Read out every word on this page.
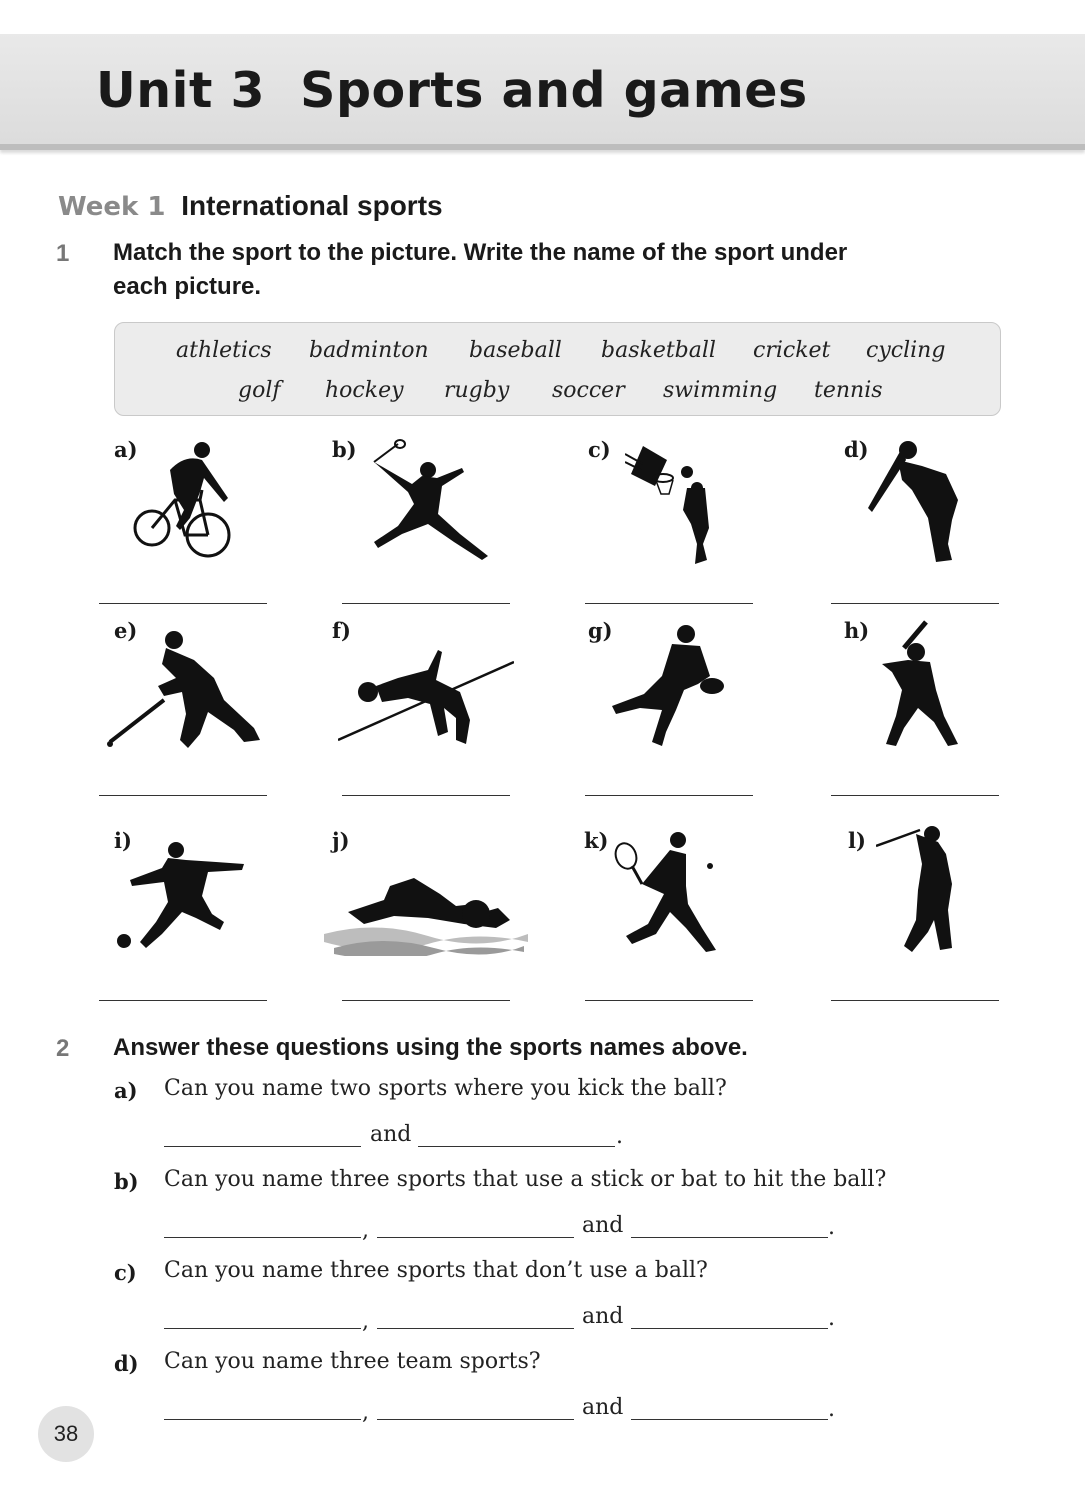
Unit 3  Sports and games
Week 1 International sports
1 Match the sport to the picture. Write the name of the sport under
each picture.
athletics badminton baseball basketball cricket cycling
golf hockey rugby soccer swimming tennis
a)	b)	c)	d)
e)	f)	g)	h)
i)	j)	k)	l)
2 Answer these questions using the sports names above.
a) Can you name two sports where you kick the ball?
and	.
b) Can you name three sports that use a stick or bat to hit the ball?
,	and	.
c) Can you name three sports that don’t use a ball?
,	and	.
d) Can you name three team sports?
,	and	.
38
